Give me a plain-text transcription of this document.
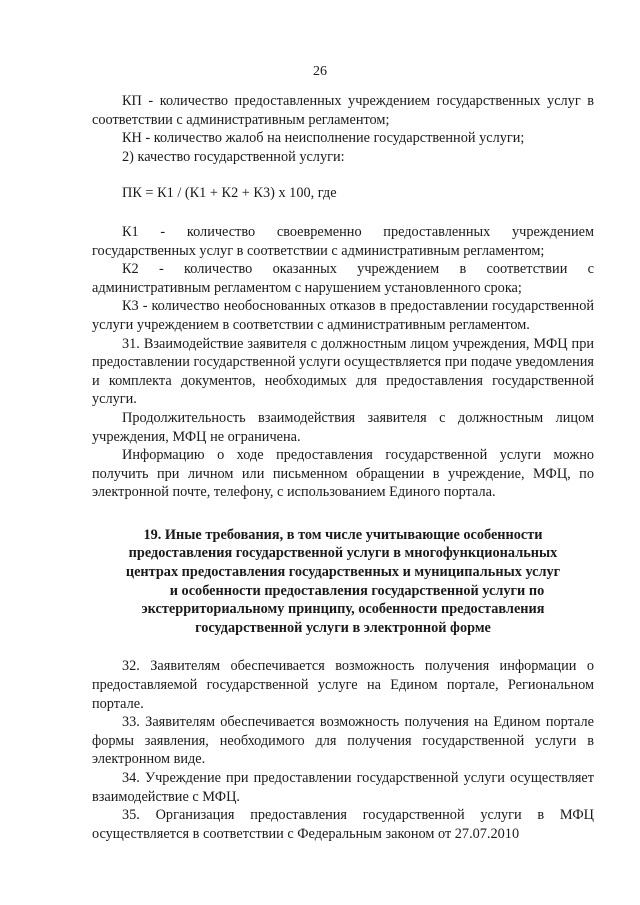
26

КП - количество предоставленных учреждением государственных услуг в соответствии с административным регламентом;

КН - количество жалоб на неисполнение государственной услуги;

2) качество государственной услуги:

ПК = К1 / (К1 + К2 + К3) х 100, где

К1 - количество своевременно предоставленных учреждением государственных услуг в соответствии с административным регламентом;

К2 - количество оказанных учреждением в соответствии с административным регламентом с нарушением установленного срока;

К3 - количество необоснованных отказов в предоставлении государственной услуги учреждением в соответствии с административным регламентом.

31. Взаимодействие заявителя с должностным лицом учреждения, МФЦ при предоставлении государственной услуги осуществляется при подаче уведомления и комплекта документов, необходимых для предоставления государственной услуги.

Продолжительность взаимодействия заявителя с должностным лицом учреждения, МФЦ не ограничена.

Информацию о ходе предоставления государственной услуги можно получить при личном или письменном обращении в учреждение, МФЦ, по электронной почте, телефону, с использованием Единого портала.

19. Иные требования, в том числе учитывающие особенности
предоставления государственной услуги в многофункциональных
центрах предоставления государственных и муниципальных услуг
и особенности предоставления государственной услуги по
экстерриториальному принципу, особенности предоставления
государственной услуги в электронной форме

32. Заявителям обеспечивается возможность получения информации о предоставляемой государственной услуге на Едином портале, Региональном портале.

33. Заявителям обеспечивается возможность получения на Едином портале формы заявления, необходимого для получения государственной услуги в электронном виде.

34. Учреждение при предоставлении государственной услуги осуществляет взаимодействие с МФЦ.

35. Организация предоставления государственной услуги в МФЦ осуществляется в соответствии с Федеральным законом от 27.07.2010
